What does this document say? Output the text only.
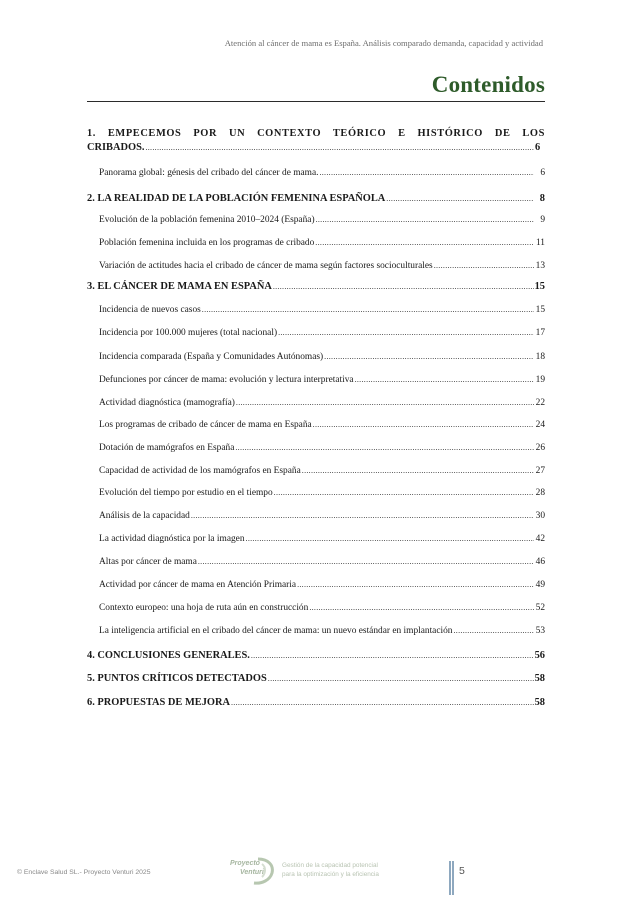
Atención al cáncer de mama es España. Análisis comparado demanda, capacidad y actividad
Contenidos
1. EMPECEMOS POR UN CONTEXTO TEÓRICO E HISTÓRICO DE LOS
CRIBADOS. .....	6
Panorama global: génesis del cribado del cáncer de mama. .....	6
2. LA REALIDAD DE LA POBLACIÓN FEMENINA ESPAÑOLA .....	8
Evolución de la población femenina 2010–2024 (España) .....	9
Población femenina incluida en los programas de cribado .....	11
Variación de actitudes hacia el cribado de cáncer de mama según factores socioculturales .....	13
3. EL CÁNCER DE MAMA EN ESPAÑA .....	15
Incidencia de nuevos casos .....	15
Incidencia por 100.000 mujeres (total nacional) .....	17
Incidencia comparada (España y Comunidades Autónomas) .....	18
Defunciones por cáncer de mama: evolución y lectura interpretativa .....	19
Actividad diagnóstica (mamografía) .....	22
Los programas de cribado de cáncer de mama en España .....	24
Dotación de mamógrafos en España .....	26
Capacidad de actividad de los mamógrafos en España .....	27
Evolución del tiempo por estudio en el tiempo .....	28
Análisis de la capacidad .....	30
La actividad diagnóstica por la imagen .....	42
Altas por cáncer de mama .....	46
Actividad por cáncer de mama en Atención Primaria .....	49
Contexto europeo: una hoja de ruta aún en construcción .....	52
La inteligencia artificial en el cribado del cáncer de mama: un nuevo estándar en implantación .....	53
4. CONCLUSIONES GENERALES. .....	56
5. PUNTOS CRÍTICOS DETECTADOS .....	58
6. PROPUESTAS DE MEJORA .....	58
© Enclave Salud SL.- Proyecto Venturi 2025
Proyecto
Venturi
Gestión de la capacidad potencial
para la optimización y la eficiencia	5
